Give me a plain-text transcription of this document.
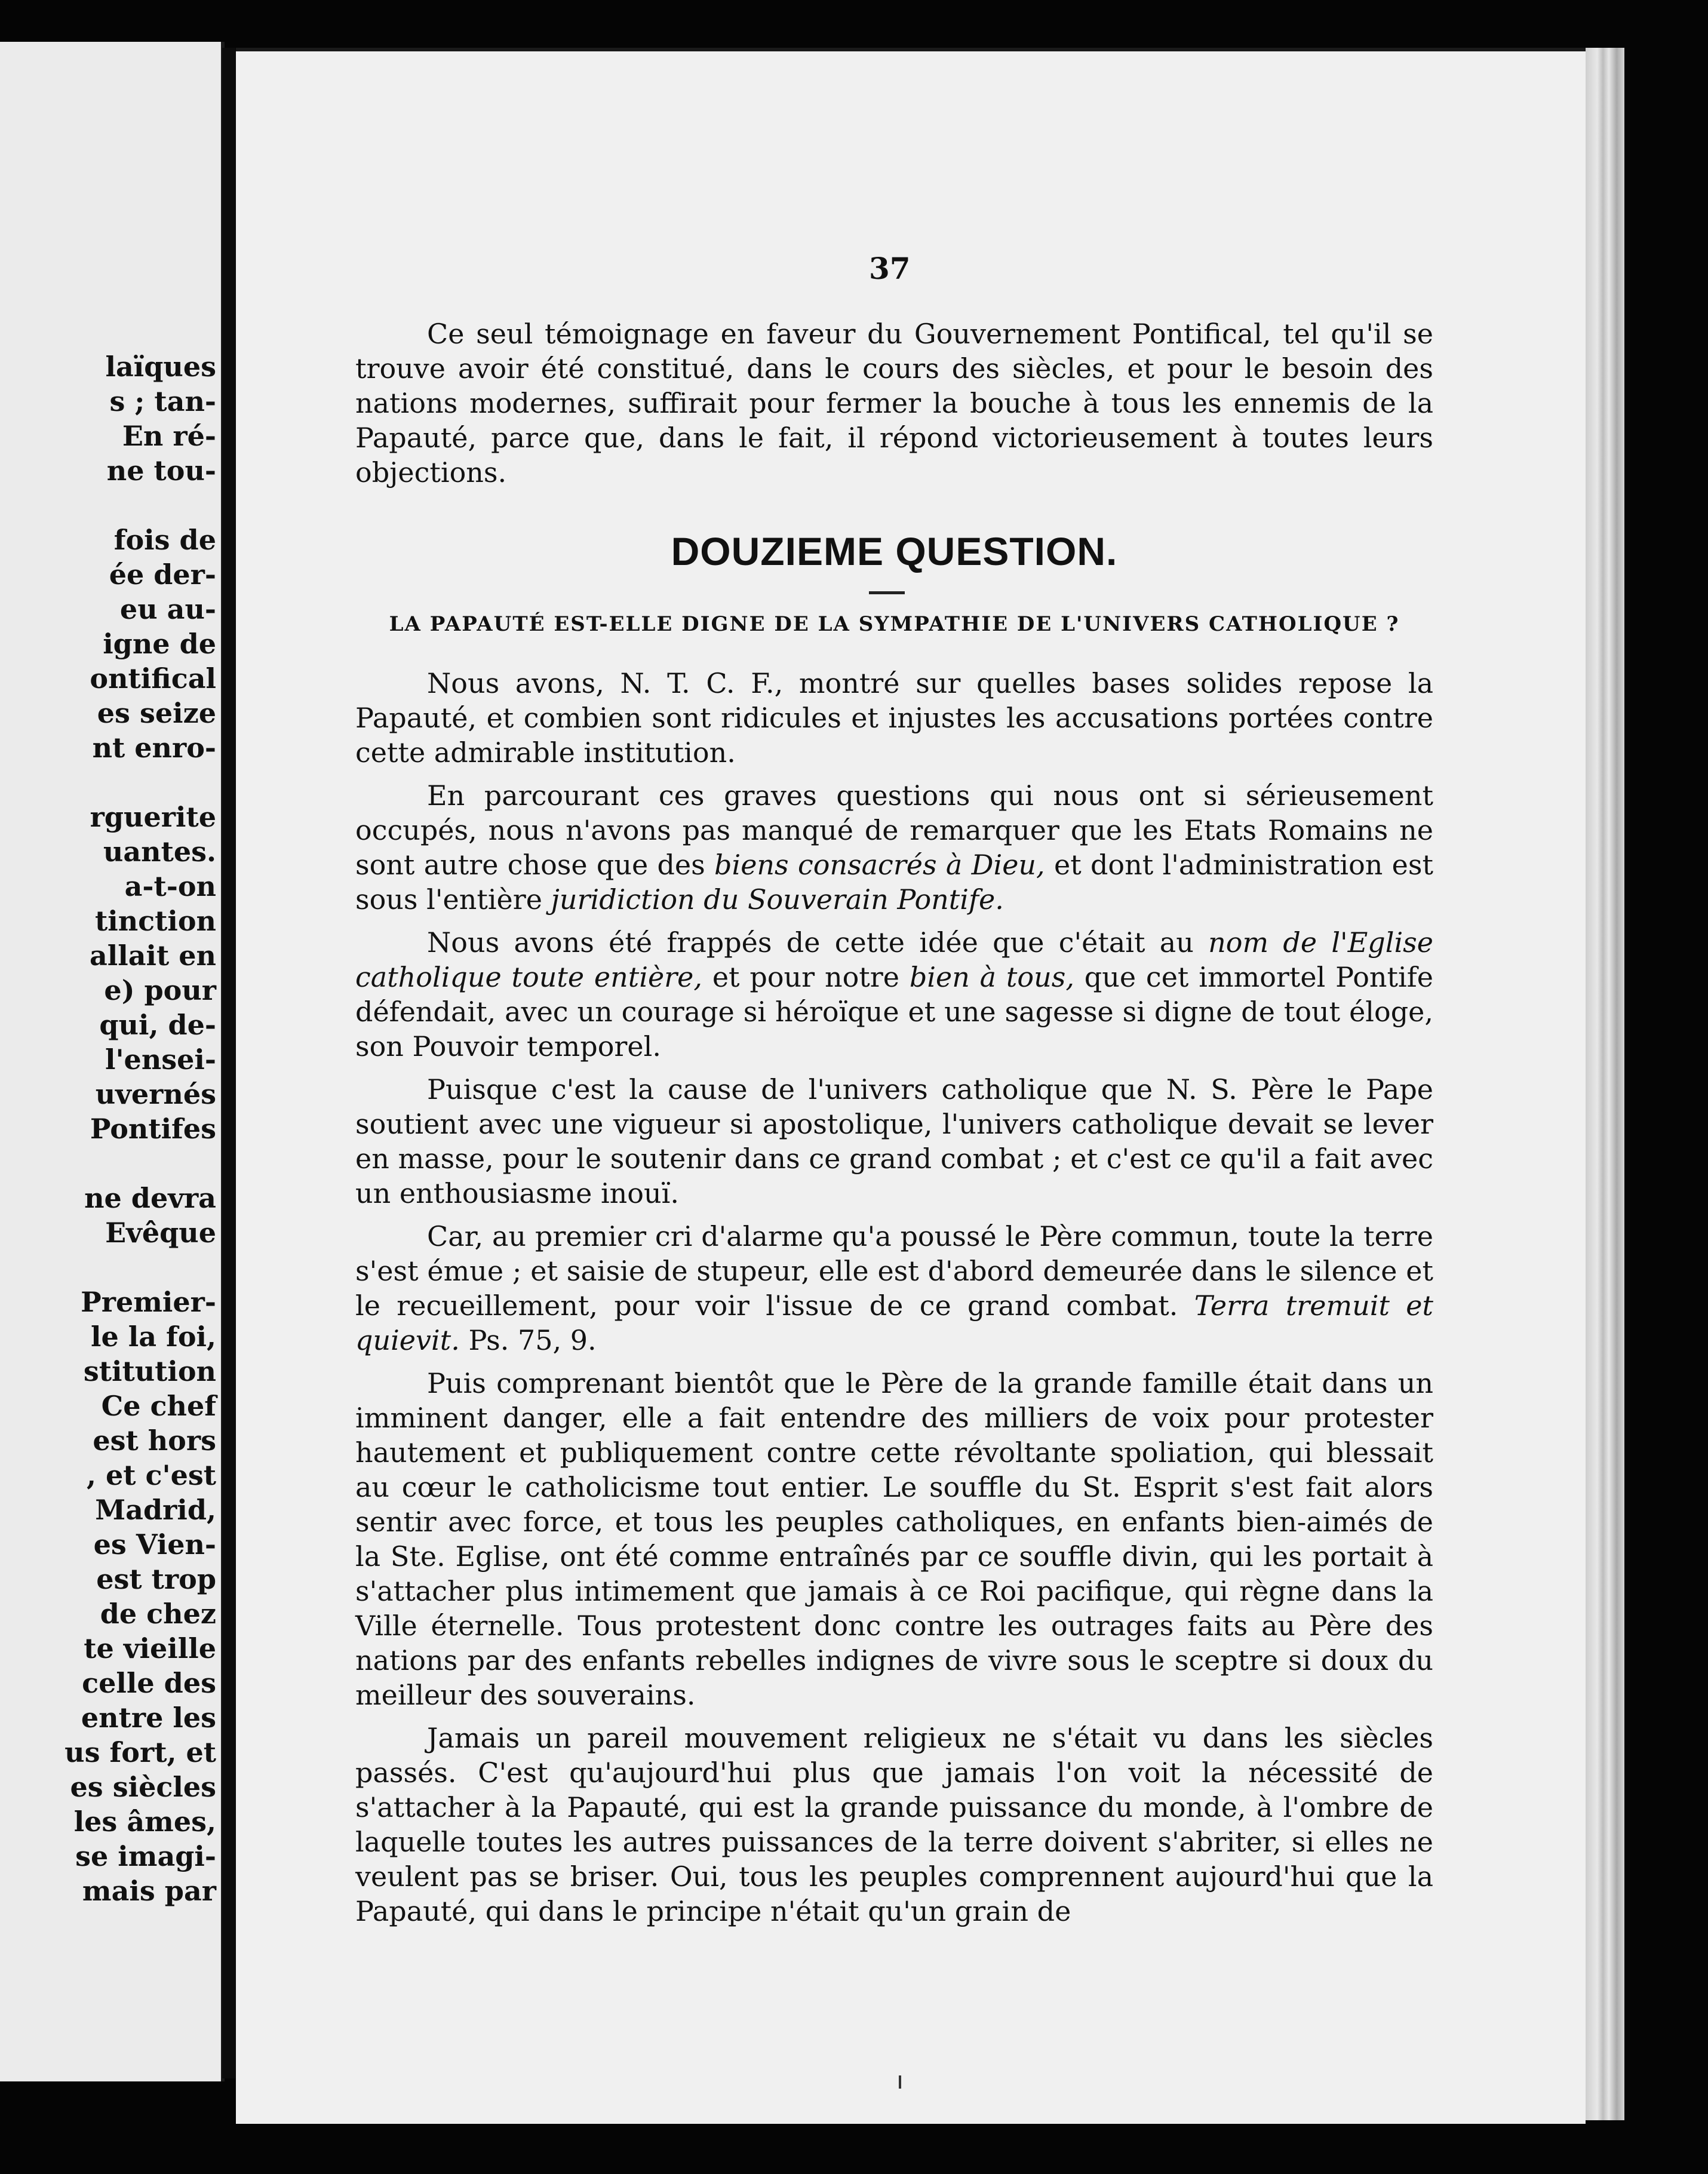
laïques
s ; tan-
En ré-
ne tou-
fois de
ée der-
eu au-
igne de
ontifical
es seize
nt enro-
rguerite
uantes.
a-t-on
tinction
allait en
e) pour
qui, de-
l'ensei-
uvernés
Pontifes
ne devra
Evêque
Premier-
le la foi,
stitution
Ce chef
est hors
, et c'est
Madrid,
es Vien-
est trop
de chez
te vieille
celle des
entre les
us fort, et
es siècles
les âmes,
se imagi-
mais par
37

Ce seul témoignage en faveur du Gouvernement Pontifical, tel qu'il se trouve avoir été constitué, dans le cours des siècles, et pour le besoin des nations modernes, suffirait pour fermer la bouche à tous les ennemis de la Papauté, parce que, dans le fait, il répond victorieusement à toutes leurs objections.

DOUZIEME QUESTION.
LA PAPAUTÉ EST-ELLE DIGNE DE LA SYMPATHIE DE L'UNIVERS CATHOLIQUE ?

Nous avons, N. T. C. F., montré sur quelles bases solides repose la Papauté, et combien sont ridicules et injustes les accusations portées contre cette admirable institution.

En parcourant ces graves questions qui nous ont si sérieusement occupés, nous n'avons pas manqué de remarquer que les Etats Romains ne sont autre chose que des biens consacrés à Dieu, et dont l'administration est sous l'entière juridiction du Souverain Pontife.

Nous avons été frappés de cette idée que c'était au nom de l'Eglise catholique toute entière, et pour notre bien à tous, que cet immortel Pontife défendait, avec un courage si héroïque et une sagesse si digne de tout éloge, son Pouvoir temporel.

Puisque c'est la cause de l'univers catholique que N. S. Père le Pape soutient avec une vigueur si apostolique, l'univers catholique devait se lever en masse, pour le soutenir dans ce grand combat ; et c'est ce qu'il a fait avec un enthousiasme inouï.

Car, au premier cri d'alarme qu'a poussé le Père commun, toute la terre s'est émue ; et saisie de stupeur, elle est d'abord demeurée dans le silence et le recueillement, pour voir l'issue de ce grand combat. Terra tremuit et quievit. Ps. 75, 9.

Puis comprenant bientôt que le Père de la grande famille était dans un imminent danger, elle a fait entendre des milliers de voix pour protester hautement et publiquement contre cette révoltante spoliation, qui blessait au cœur le catholicisme tout entier. Le souffle du St. Esprit s'est fait alors sentir avec force, et tous les peuples catholiques, en enfants bien-aimés de la Ste. Eglise, ont été comme entraînés par ce souffle divin, qui les portait à s'attacher plus intimement que jamais à ce Roi pacifique, qui règne dans la Ville éternelle. Tous protestent donc contre les outrages faits au Père des nations par des enfants rebelles indignes de vivre sous le sceptre si doux du meilleur des souverains.

Jamais un pareil mouvement religieux ne s'était vu dans les siècles passés. C'est qu'aujourd'hui plus que jamais l'on voit la nécessité de s'attacher à la Papauté, qui est la grande puissance du monde, à l'ombre de laquelle toutes les autres puissances de la terre doivent s'abriter, si elles ne veulent pas se briser. Oui, tous les peuples comprennent aujourd'hui que la Papauté, qui dans le principe n'était qu'un grain de
